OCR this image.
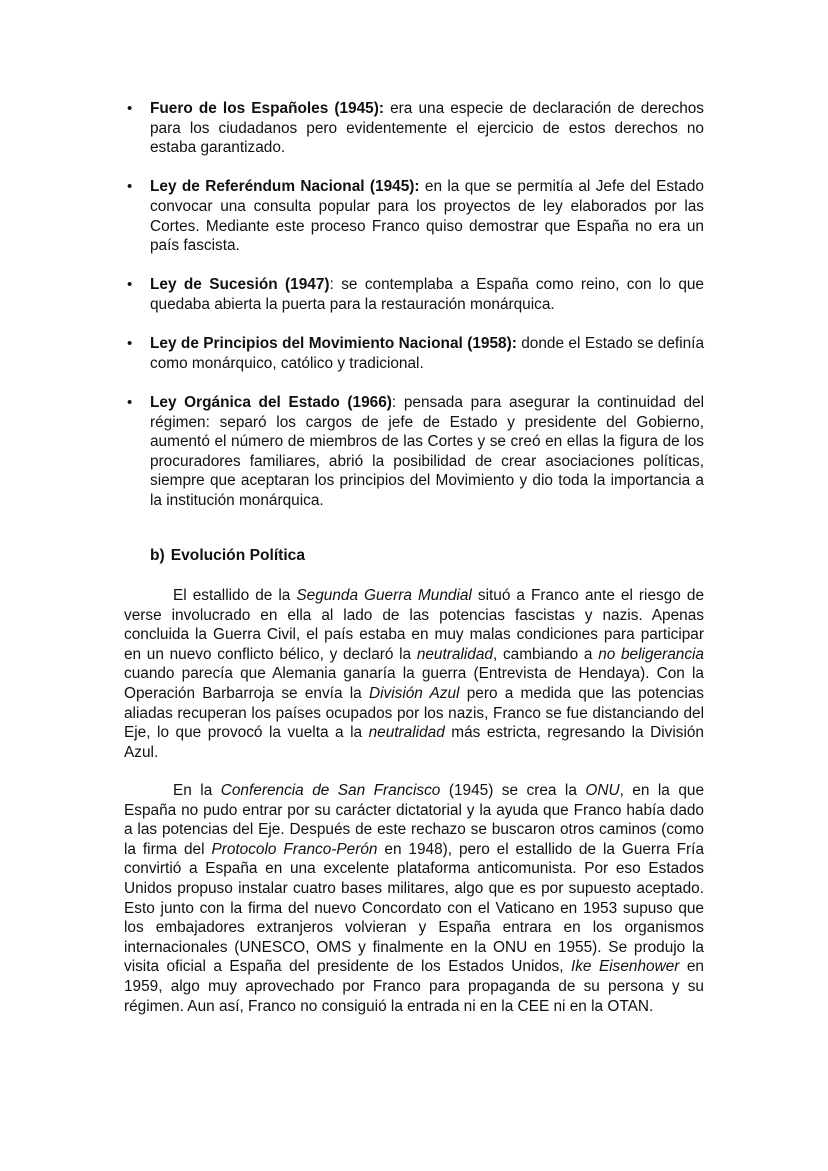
• Fuero de los Españoles (1945): era una especie de declaración de derechos para los ciudadanos pero evidentemente el ejercicio de estos derechos no estaba garantizado.
• Ley de Referéndum Nacional (1945): en la que se permitía al Jefe del Estado convocar una consulta popular para los proyectos de ley elaborados por las Cortes. Mediante este proceso Franco quiso demostrar que España no era un país fascista.
• Ley de Sucesión (1947): se contemplaba a España como reino, con lo que quedaba abierta la puerta para la restauración monárquica.
• Ley de Principios del Movimiento Nacional (1958): donde el Estado se definía como monárquico, católico y tradicional.
• Ley Orgánica del Estado (1966): pensada para asegurar la continuidad del régimen: separó los cargos de jefe de Estado y presidente del Gobierno, aumentó el número de miembros de las Cortes y se creó en ellas la figura de los procuradores familiares, abrió la posibilidad de crear asociaciones políticas, siempre que aceptaran los principios del Movimiento y dio toda la importancia a la institución monárquica.
b) Evolución Política

El estallido de la Segunda Guerra Mundial situó a Franco ante el riesgo de verse involucrado en ella al lado de las potencias fascistas y nazis. Apenas concluida la Guerra Civil, el país estaba en muy malas condiciones para participar en un nuevo conflicto bélico, y declaró la neutralidad, cambiando a no beligerancia cuando parecía que Alemania ganaría la guerra (Entrevista de Hendaya). Con la Operación Barbarroja se envía la División Azul pero a medida que las potencias aliadas recuperan los países ocupados por los nazis, Franco se fue distanciando del Eje, lo que provocó la vuelta a la neutralidad más estricta, regresando la División Azul.

En la Conferencia de San Francisco (1945) se crea la ONU, en la que España no pudo entrar por su carácter dictatorial y la ayuda que Franco había dado a las potencias del Eje. Después de este rechazo se buscaron otros caminos (como la firma del Protocolo Franco-Perón en 1948), pero el estallido de la Guerra Fría convirtió a España en una excelente plataforma anticomunista. Por eso Estados Unidos propuso instalar cuatro bases militares, algo que es por supuesto aceptado. Esto junto con la firma del nuevo Concordato con el Vaticano en 1953 supuso que los embajadores extranjeros volvieran y España entrara en los organismos internacionales (UNESCO, OMS y finalmente en la ONU en 1955). Se produjo la visita oficial a España del presidente de los Estados Unidos, Ike Eisenhower en 1959, algo muy aprovechado por Franco para propaganda de su persona y su régimen. Aun así, Franco no consiguió la entrada ni en la CEE ni en la OTAN.
